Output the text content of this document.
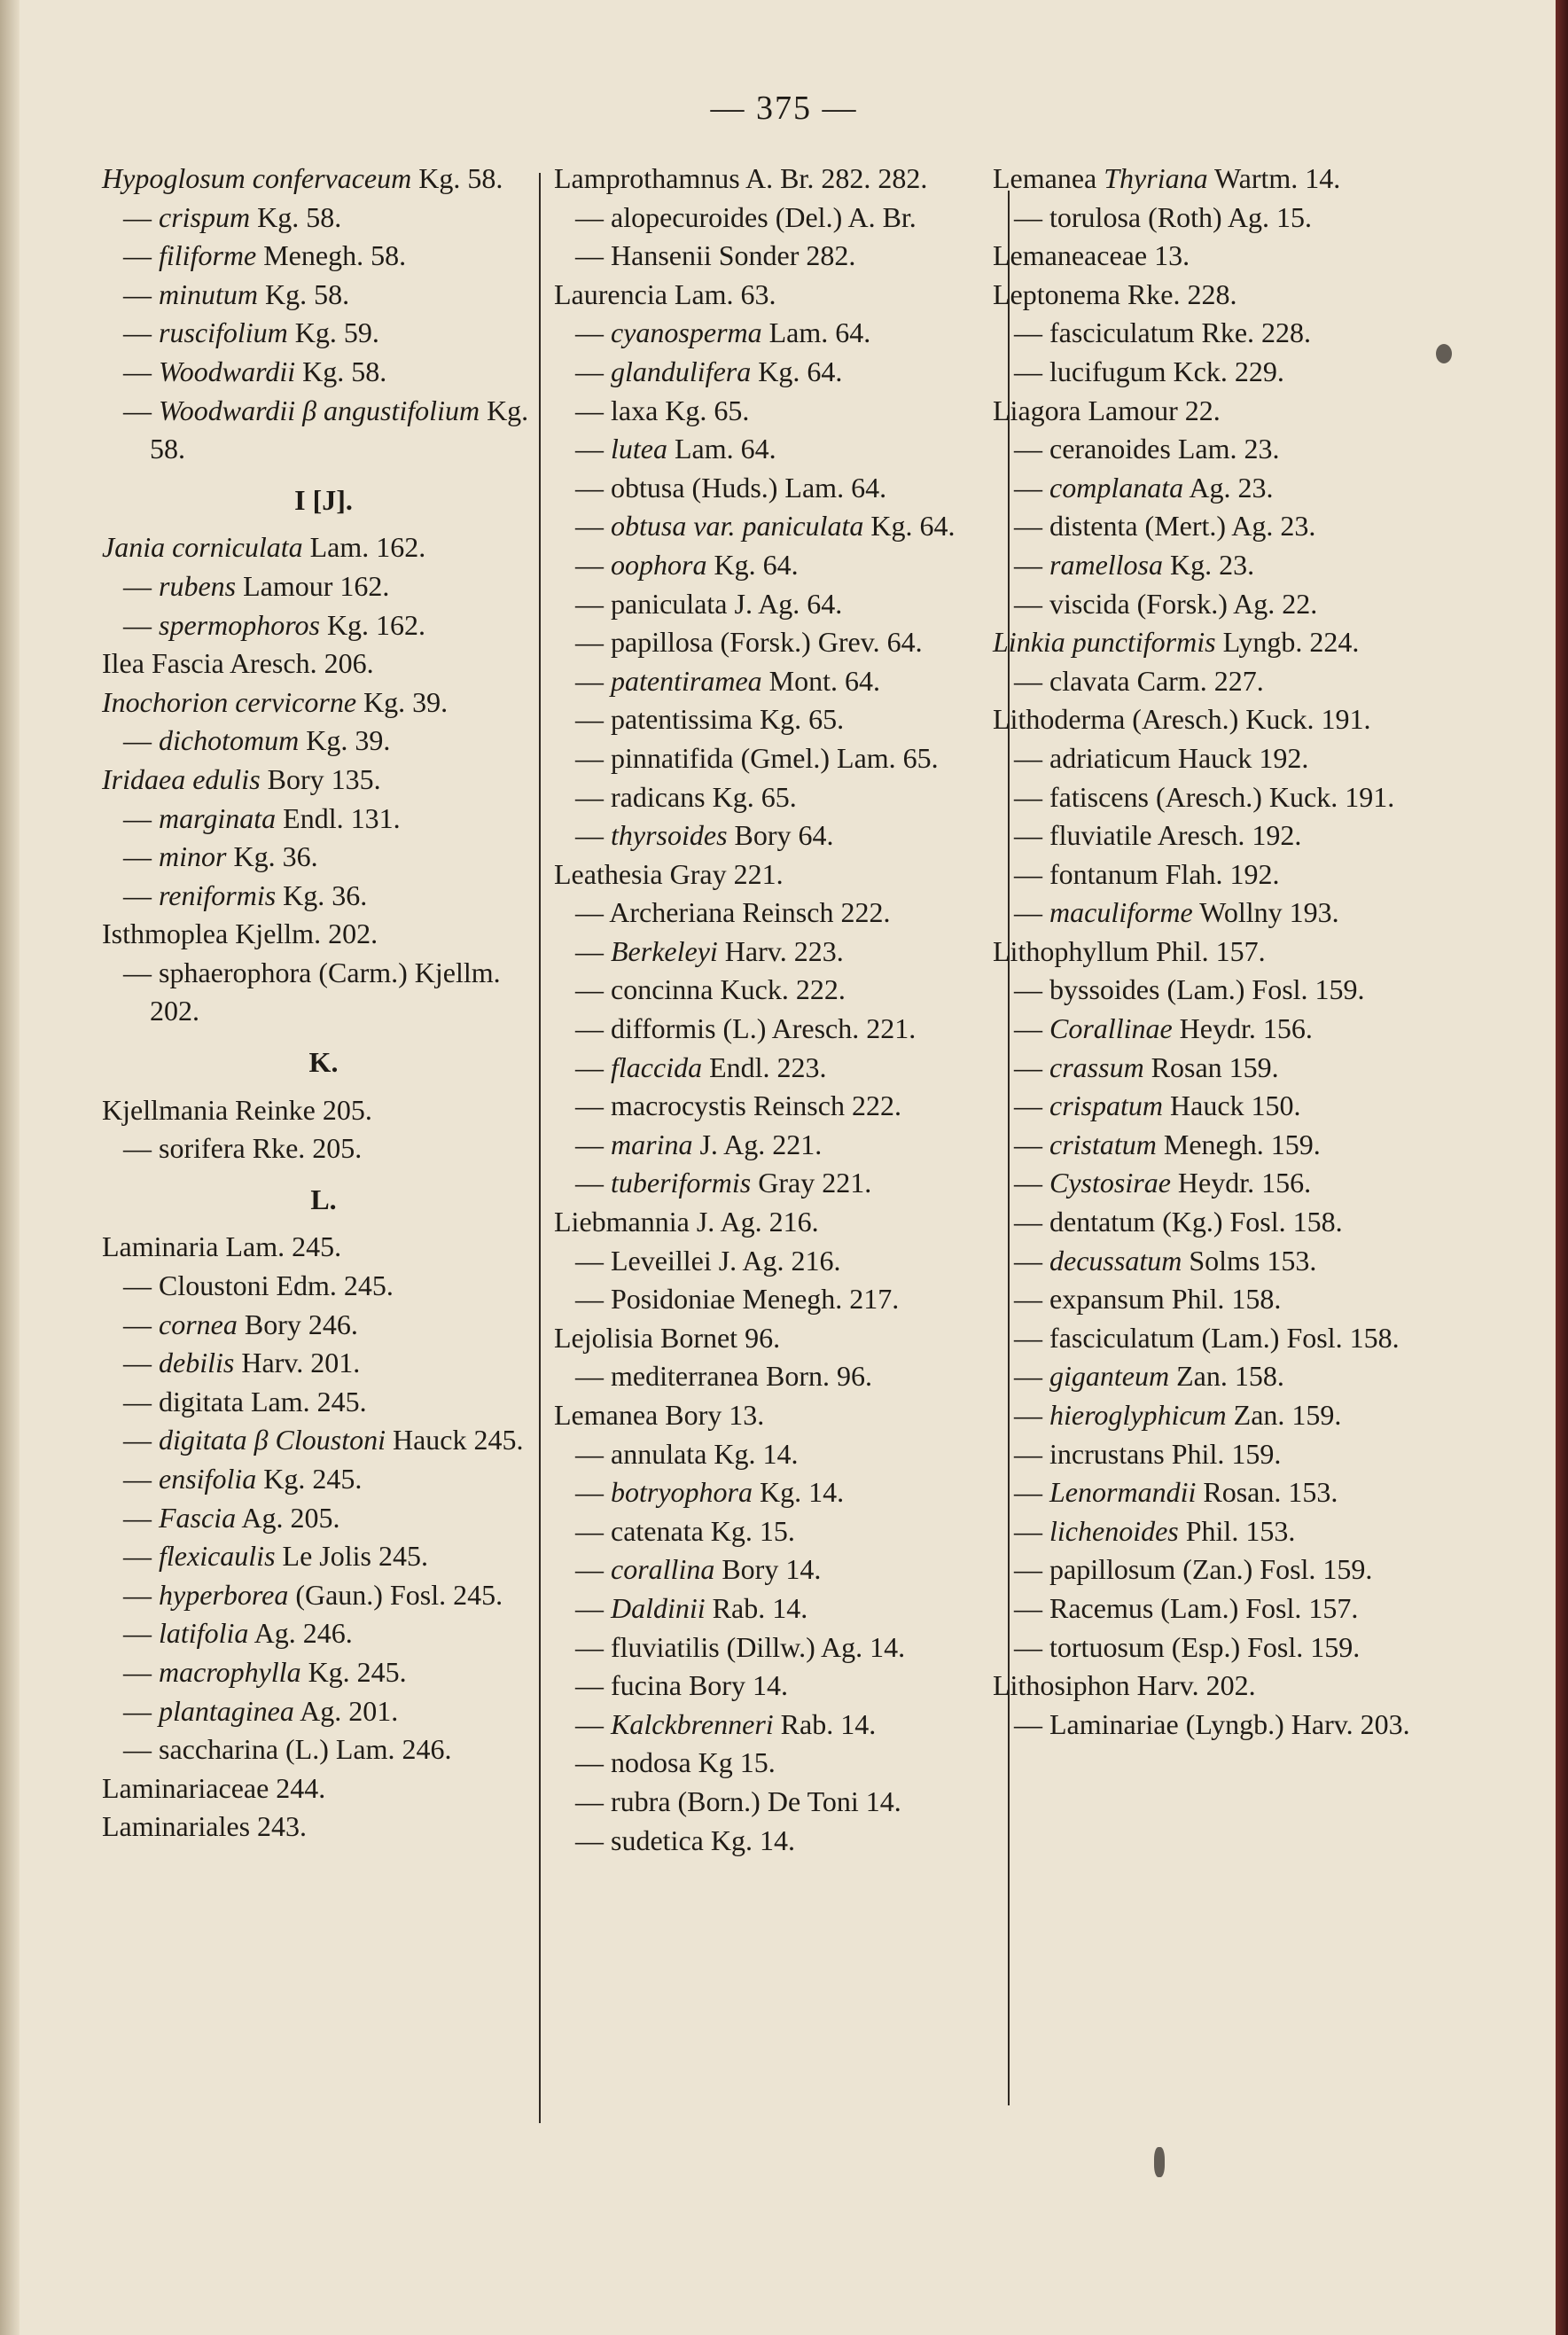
— 375 —
Hypoglosum confervaceum Kg. 58.
— crispum Kg. 58.
— filiforme Menegh. 58.
— minutum Kg. 58.
— ruscifolium Kg. 59.
— Woodwardii Kg. 58.
— Woodwardii β angustifolium Kg. 58.
I [J].
Jania corniculata Lam. 162.
— rubens Lamour 162.
— spermophoros Kg. 162.
Ilea Fascia Aresch. 206.
Inochorion cervicorne Kg. 39.
— dichotomum Kg. 39.
Iridaea edulis Bory 135.
— marginata Endl. 131.
— minor Kg. 36.
— reniformis Kg. 36.
Isthmoplea Kjellm. 202.
— sphaerophora (Carm.) Kjellm. 202.
K.
Kjellmania Reinke 205.
— sorifera Rke. 205.
L.
Laminaria Lam. 245.
— Cloustoni Edm. 245.
— cornea Bory 246.
— debilis Harv. 201.
— digitata Lam. 245.
— digitata β Cloustoni Hauck 245.
— ensifolia Kg. 245.
— Fascia Ag. 205.
— flexicaulis Le Jolis 245.
— hyperborea (Gaun.) Fosl. 245.
— latifolia Ag. 246.
— macrophylla Kg. 245.
— plantaginea Ag. 201.
— saccharina (L.) Lam. 246.
Laminariaceae 244.
Laminariales 243.
Lamprothamnus A. Br. 282. 282.
— alopecuroides (Del.) A. Br.
— Hansenii Sonder 282.
Laurencia Lam. 63.
— cyanosperma Lam. 64.
— glandulifera Kg. 64.
— laxa Kg. 65.
— lutea Lam. 64.
— obtusa (Huds.) Lam. 64.
— obtusa var. paniculata Kg. 64.
— oophora Kg. 64.
— paniculata J. Ag. 64.
— papillosa (Forsk.) Grev. 64.
— patentiramea Mont. 64.
— patentissima Kg. 65.
— pinnatifida (Gmel.) Lam. 65.
— radicans Kg. 65.
— thyrsoides Bory 64.
Leathesia Gray 221.
— Archeriana Reinsch 222.
— Berkeleyi Harv. 223.
— concinna Kuck. 222.
— difformis (L.) Aresch. 221.
— flaccida Endl. 223.
— macrocystis Reinsch 222.
— marina J. Ag. 221.
— tuberiformis Gray 221.
Liebmannia J. Ag. 216.
— Leveillei J. Ag. 216.
— Posidoniae Menegh. 217.
Lejolisia Bornet 96.
— mediterranea Born. 96.
Lemanea Bory 13.
— annulata Kg. 14.
— botryophora Kg. 14.
— catenata Kg. 15.
— corallina Bory 14.
— Daldinii Rab. 14.
— fluviatilis (Dillw.) Ag. 14.
— fucina Bory 14.
— Kalckbrenneri Rab. 14.
— nodosa Kg 15.
— rubra (Born.) De Toni 14.
— sudetica Kg. 14.
Lemanea Thyriana Wartm. 14.
— torulosa (Roth) Ag. 15.
Lemaneaceae 13.
Leptonema Rke. 228.
— fasciculatum Rke. 228.
— lucifugum Kck. 229.
Liagora Lamour 22.
— ceranoides Lam. 23.
— complanata Ag. 23.
— distenta (Mert.) Ag. 23.
— ramellosa Kg. 23.
— viscida (Forsk.) Ag. 22.
Linkia punctiformis Lyngb. 224.
— clavata Carm. 227.
Lithoderma (Aresch.) Kuck. 191.
— adriaticum Hauck 192.
— fatiscens (Aresch.) Kuck. 191.
— fluviatile Aresch. 192.
— fontanum Flah. 192.
— maculiforme Wollny 193.
Lithophyllum Phil. 157.
— byssoides (Lam.) Fosl. 159.
— Corallinae Heydr. 156.
— crassum Rosan 159.
— crispatum Hauck 150.
— cristatum Menegh. 159.
— Cystosirae Heydr. 156.
— dentatum (Kg.) Fosl. 158.
— decussatum Solms 153.
— expansum Phil. 158.
— fasciculatum (Lam.) Fosl. 158.
— giganteum Zan. 158.
— hieroglyphicum Zan. 159.
— incrustans Phil. 159.
— Lenormandii Rosan. 153.
— lichenoides Phil. 153.
— papillosum (Zan.) Fosl. 159.
— Racemus (Lam.) Fosl. 157.
— tortuosum (Esp.) Fosl. 159.
Lithosiphon Harv. 202.
— Laminariae (Lyngb.) Harv. 203.
